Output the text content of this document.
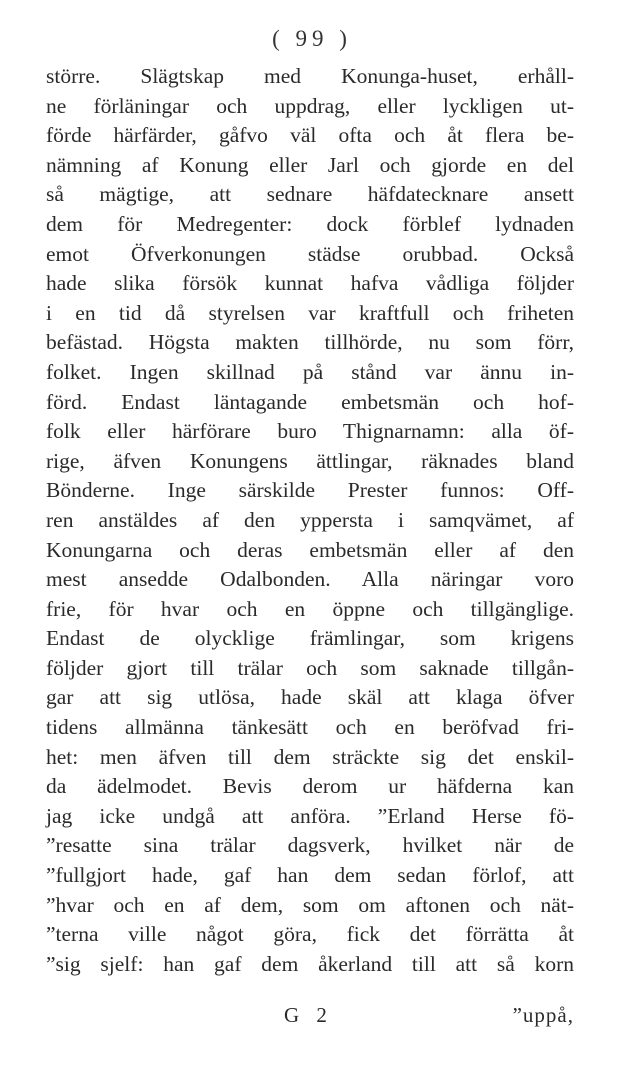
( 99 )
större. Slägtskap med Konunga-huset, erhåll-
ne förläningar och uppdrag, eller lyckligen ut-
förde härfärder, gåfvo väl ofta och åt flera be-
nämning af Konung eller Jarl och gjorde en del
så mägtige, att sednare häfdatecknare ansett
dem för Medregenter: dock förblef lydnaden
emot Öfverkonungen städse orubbad. Också
hade slika försök kunnat hafva vådliga följder
i en tid då styrelsen var kraftfull och friheten
befästad. Högsta makten tillhörde, nu som förr,
folket. Ingen skillnad på stånd var ännu in-
förd. Endast läntagande embetsmän och hof-
folk eller härförare buro Thignarnamn: alla öf-
rige, äfven Konungens ättlingar, räknades bland
Bönderne. Inge särskilde Prester funnos: Off-
ren anstäldes af den yppersta i samqvämet, af
Konungarna och deras embetsmän eller af den
mest ansedde Odalbonden. Alla näringar voro
frie, för hvar och en öppne och tillgänglige.
Endast de olycklige främlingar, som krigens
följder gjort till trälar och som saknade tillgån-
gar att sig utlösa, hade skäl att klaga öfver
tidens allmänna tänkesätt och en beröfvad fri-
het: men äfven till dem sträckte sig det enskil-
da ädelmodet. Bevis derom ur häfderna kan
jag icke undgå att anföra. ”Erland Herse fö-
”resatte sina trälar dagsverk, hvilket när de
”fullgjort hade, gaf han dem sedan förlof, att
”hvar och en af dem, som om aftonen och nät-
”terna ville något göra, fick det förrätta åt
”sig sjelf: han gaf dem åkerland till att så korn
G 2	”uppå,
